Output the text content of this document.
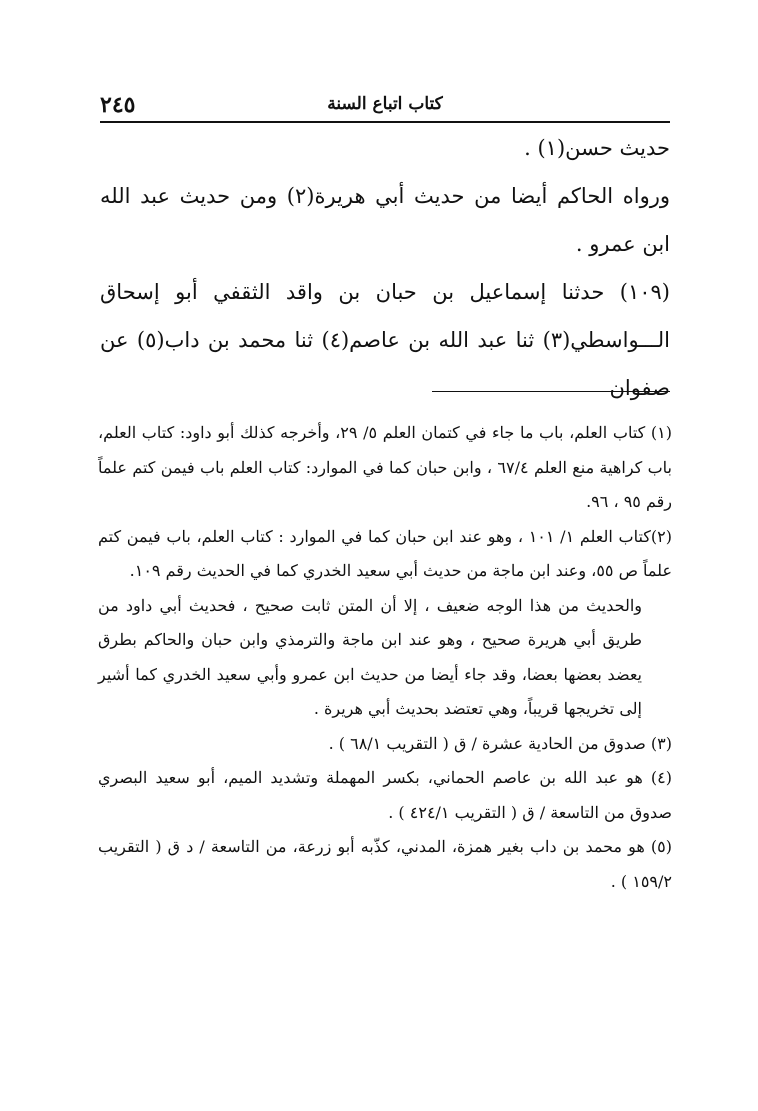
٢٤٥	كتاب اتباع السنة

حديث حسن(١) .

ورواه الحاكم أيضا من حديث أبي هريرة(٢) ومن حديث عبد الله ابن عمرو .

(١٠٩) حدثنا إسماعيل بن حبان بن واقد الثقفي أبو إسحاق الـــواسطي(٣) ثنا عبد الله بن عاصم(٤) ثنا محمد بن داب(٥) عن صفوان

(١) كتاب العلم، باب ما جاء في كتمان العلم ٥/ ٢٩، وأخرجه كذلك أبو داود: كتاب العلم، باب كراهية منع العلم ٦٧/٤ ، وابن حبان كما في الموارد: كتاب العلم باب فيمن كتم علماً رقم ٩٥ ، ٩٦.

(٢)كتاب العلم ١/ ١٠١ ، وهو عند ابن حبان كما في الموارد : كتاب العلم، باب فيمن كتم علماً ص ٥٥، وعند ابن ماجة من حديث أبي سعيد الخدري كما في الحديث رقم ١٠٩.

والحديث من هذا الوجه ضعيف ، إلا أن المتن ثابت صحيح ، فحديث أبي داود من طريق أبي هريرة صحيح ، وهو عند ابن ماجة والترمذي وابن حبان والحاكم بطرق يعضد بعضها بعضا، وقد جاء أيضا من حديث ابن عمرو وأبي سعيد الخدري كما أشير إلى تخريجها قريباً، وهي تعتضد بحديث أبي هريرة .

(٣) صدوق من الحادية عشرة / ق ( التقريب ٦٨/١ ) .

(٤) هو عبد الله بن عاصم الحماني، بكسر المهملة وتشديد الميم، أبو سعيد البصري صدوق من التاسعة / ق ( التقريب ٤٢٤/١ ) .

(٥) هو محمد بن داب بغير همزة، المدني، كذّبه أبو زرعة، من التاسعة / د ق ( التقريب ١٥٩/٢ ) .
